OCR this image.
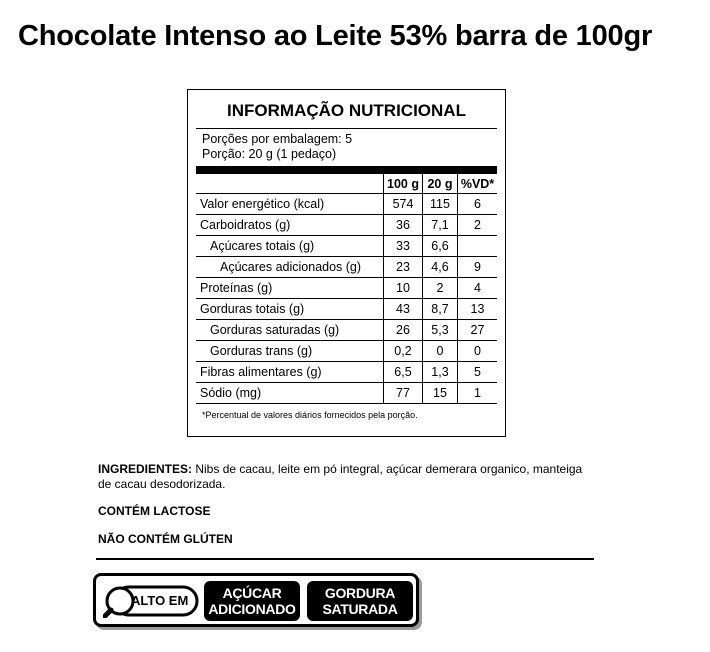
Chocolate Intenso ao Leite 53% barra de 100gr
INFORMAÇÃO NUTRICIONAL
Porções por embalagem: 5
Porção: 20 g (1 pedaço)
100 g 20 g %VD*
Valor energético (kcal)	574	115	6
Carboidratos (g)	36	7,1	2
Açúcares totais (g)	33	6,6
Açúcares adicionados (g)	23	4,6	9
Proteínas (g)	10	2	4
Gorduras totais (g)	43	8,7	13
Gorduras saturadas (g)	26	5,3	27
Gorduras trans (g)	0,2	0	0
Fibras alimentares (g)	6,5	1,3	5
Sódio (mg)	77	15	1
*Percentual de valores diários fornecidos pela porção.
INGREDIENTES: Nibs de cacau, leite em pó integral, açúcar demerara organico, manteiga de cacau desodorizada.
CONTÉM LACTOSE
NÃO CONTÉM GLÚTEN
ALTO EM	AÇÚCAR
ADICIONADO
GORDURA
SATURADA
